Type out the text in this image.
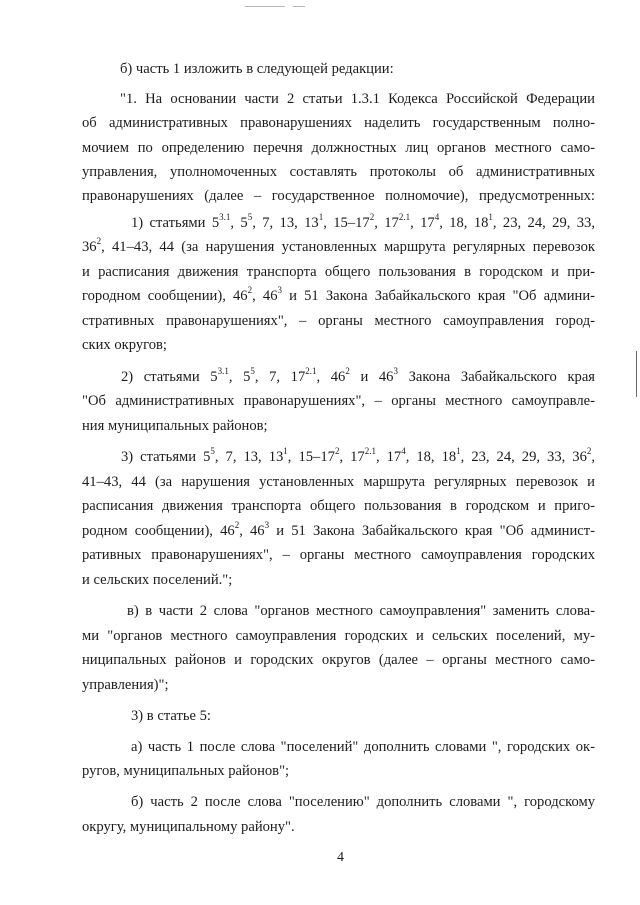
б) часть 1 изложить в следующей редакции:
"1. На основании части 2 статьи 1.3.1 Кодекса Российской Федерации
об административных правонарушениях наделить государственным полно-
мочием по определению перечня должностных лиц органов местного само-
управления, уполномоченных составлять протоколы об административных
правонарушениях (далее – государственное полномочие), предусмотренных:
1) статьями $5^{3.1}$, $5^5$, 7, 13, $13^1$, $15-17^2$, $17^{2.1}$, $17^4$, 18, $18^1$, 23, 24, 29, 33,
$36^2$, 41–43, 44 (за нарушения установленных маршрута регулярных перевозок
и расписания движения транспорта общего пользования в городском и при-
городном сообщении), $46^2$, $46^3$ и 51 Закона Забайкальского края "Об админи-
стративных правонарушениях", – органы местного самоуправления город-
ских округов;
2) статьями $5^{3.1}$, $5^5$, 7, $17^{2.1}$, $46^2$ и $46^3$ Закона Забайкальского края
"Об административных правонарушениях", – органы местного самоуправле-
ния муниципальных районов;
3) статьями $5^5$, 7, 13, $13^1$, $15-17^2$, $17^{2.1}$, $17^4$, 18, $18^1$, 23, 24, 29, 33, $36^2$,
41–43, 44 (за нарушения установленных маршрута регулярных перевозок и
расписания движения транспорта общего пользования в городском и приго-
родном сообщении), $46^2$, $46^3$ и 51 Закона Забайкальского края "Об админист-
ративных правонарушениях", – органы местного самоуправления городских
и сельских поселений.";
в) в части 2 слова "органов местного самоуправления" заменить слова-
ми "органов местного самоуправления городских и сельских поселений, му-
ниципальных районов и городских округов (далее – органы местного само-
управления)";
3) в статье 5:
а) часть 1 после слова "поселений" дополнить словами ", городских ок-
ругов, муниципальных районов";
б) часть 2 после слова "поселению" дополнить словами ", городскому
округу, муниципальному району".
4
